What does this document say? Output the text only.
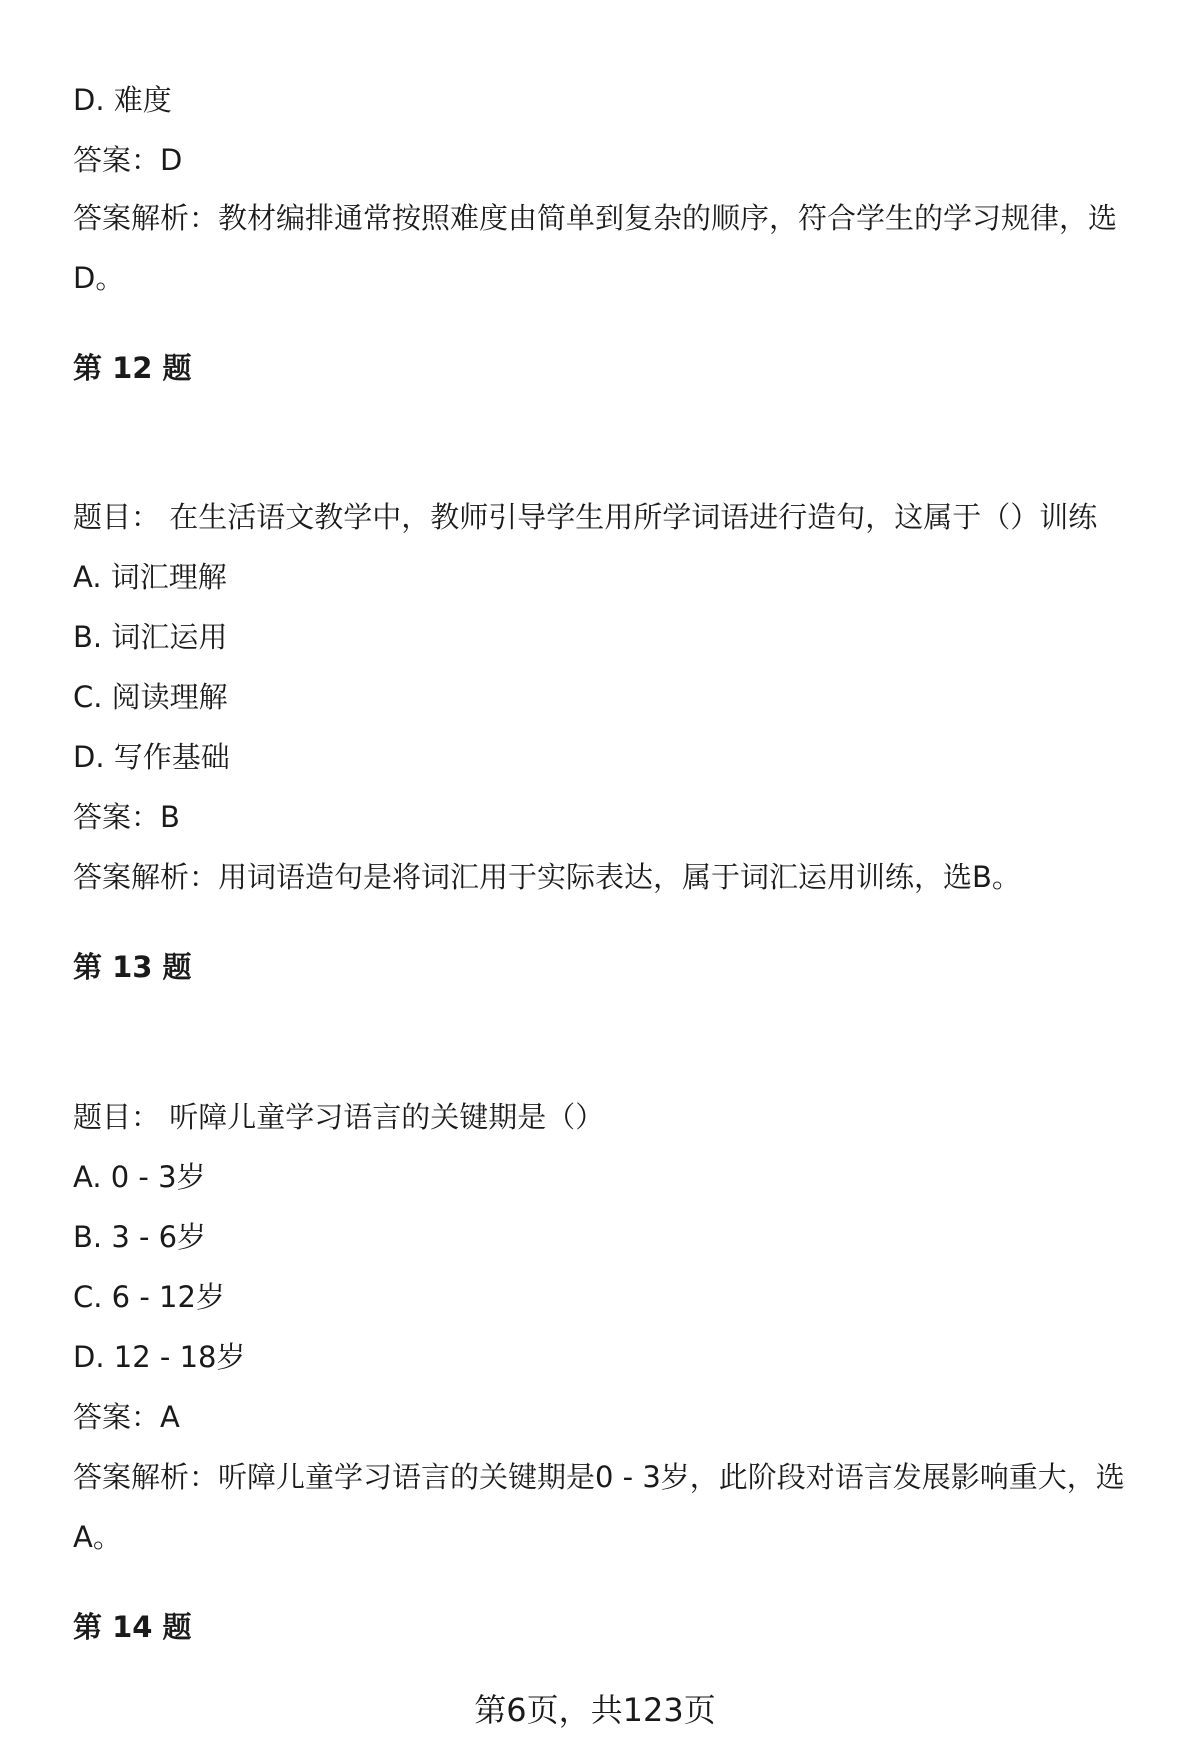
D. 难度
答案：D
答案解析：教材编排通常按照难度由简单到复杂的顺序，符合学生的学习规律，选
D。
第 12 题
题目： 在生活语文教学中，教师引导学生用所学词语进行造句，这属于（）训练
A. 词汇理解
B. 词汇运用
C. 阅读理解
D. 写作基础
答案：B
答案解析：用词语造句是将词汇用于实际表达，属于词汇运用训练，选B。
第 13 题
题目： 听障儿童学习语言的关键期是（）
A. 0 - 3岁
B. 3 - 6岁
C. 6 - 12岁
D. 12 - 18岁
答案：A
答案解析：听障儿童学习语言的关键期是0 - 3岁，此阶段对语言发展影响重大，选
A。
第 14 题
第6页，共123页
